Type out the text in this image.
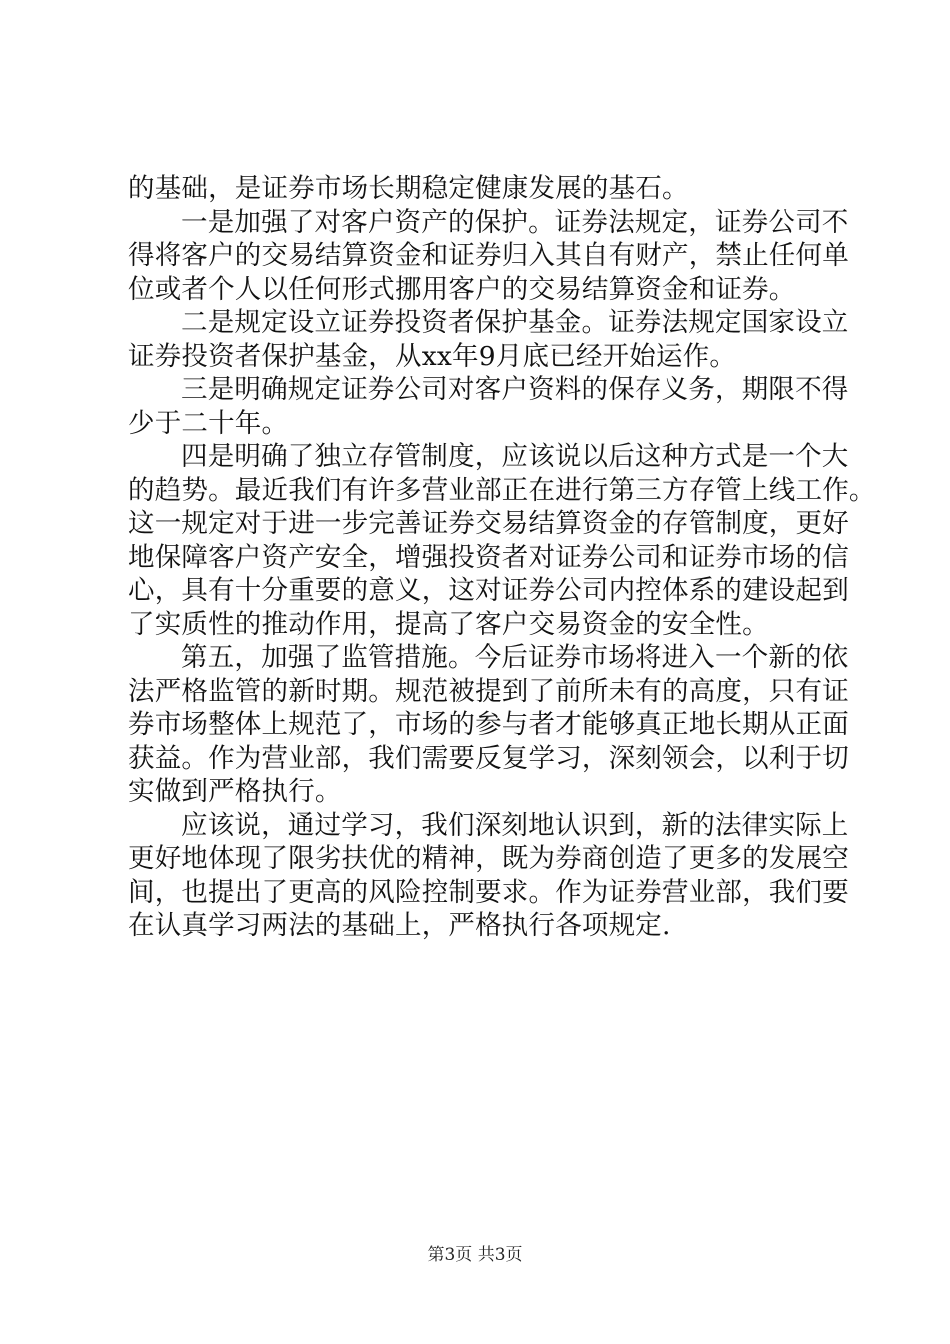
的基础，是证券市场长期稳定健康发展的基石。
一是加强了对客户资产的保护。证券法规定，证券公司不
得将客户的交易结算资金和证券归入其自有财产，禁止任何单
位或者个人以任何形式挪用客户的交易结算资金和证券。
二是规定设立证券投资者保护基金。证券法规定国家设立
证券投资者保护基金，从xx年9月底已经开始运作。
三是明确规定证券公司对客户资料的保存义务，期限不得
少于二十年。
四是明确了独立存管制度，应该说以后这种方式是一个大
的趋势。最近我们有许多营业部正在进行第三方存管上线工作。
这一规定对于进一步完善证券交易结算资金的存管制度，更好
地保障客户资产安全，增强投资者对证券公司和证券市场的信
心，具有十分重要的意义，这对证券公司内控体系的建设起到
了实质性的推动作用，提高了客户交易资金的安全性。
第五，加强了监管措施。今后证券市场将进入一个新的依
法严格监管的新时期。规范被提到了前所未有的高度，只有证
券市场整体上规范了，市场的参与者才能够真正地长期从正面
获益。作为营业部，我们需要反复学习，深刻领会，以利于切
实做到严格执行。
应该说，通过学习，我们深刻地认识到，新的法律实际上
更好地体现了限劣扶优的精神，既为券商创造了更多的发展空
间，也提出了更高的风险控制要求。作为证券营业部，我们要
在认真学习两法的基础上，严格执行各项规定.
第3页 共3页
